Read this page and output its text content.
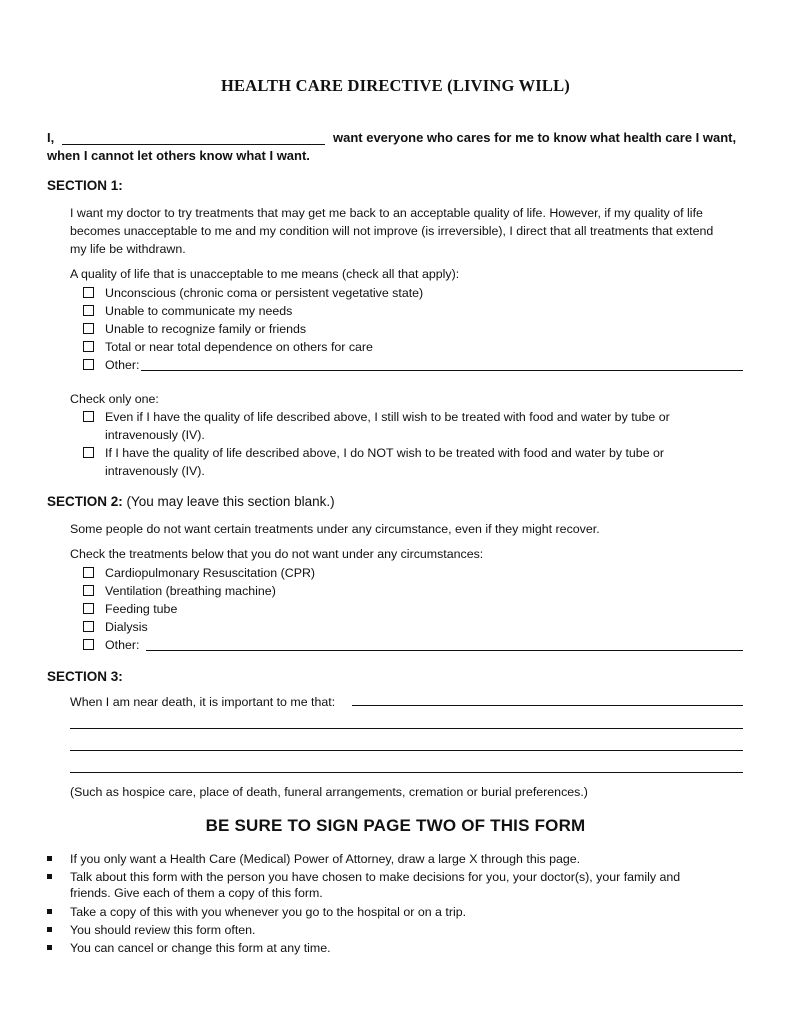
HEALTH CARE DIRECTIVE (LIVING WILL)
I,	want everyone who cares for me to know what health care I want,
when I cannot let others know what I want.
SECTION 1:
I want my doctor to try treatments that may get me back to an acceptable quality of life. However, if my quality of life
becomes unacceptable to me and my condition will not improve (is irreversible), I direct that all treatments that extend
my life be withdrawn.
A quality of life that is unacceptable to me means (check all that apply):
Unconscious (chronic coma or persistent vegetative state)
Unable to communicate my needs
Unable to recognize family or friends
Total or near total dependence on others for care
Other:
Check only one:
Even if I have the quality of life described above, I still wish to be treated with food and water by tube or
intravenously (IV).
If I have the quality of life described above, I do NOT wish to be treated with food and water by tube or
intravenously (IV).
SECTION 2: (You may leave this section blank.)
Some people do not want certain treatments under any circumstance, even if they might recover.
Check the treatments below that you do not want under any circumstances:
Cardiopulmonary Resuscitation (CPR)
Ventilation (breathing machine)
Feeding tube
Dialysis
Other:
SECTION 3:
When I am near death, it is important to me that:
(Such as hospice care, place of death, funeral arrangements, cremation or burial preferences.)
BE SURE TO SIGN PAGE TWO OF THIS FORM
If you only want a Health Care (Medical) Power of Attorney, draw a large X through this page.
Talk about this form with the person you have chosen to make decisions for you, your doctor(s), your family and
friends. Give each of them a copy of this form.
Take a copy of this with you whenever you go to the hospital or on a trip.
You should review this form often.
You can cancel or change this form at any time.
